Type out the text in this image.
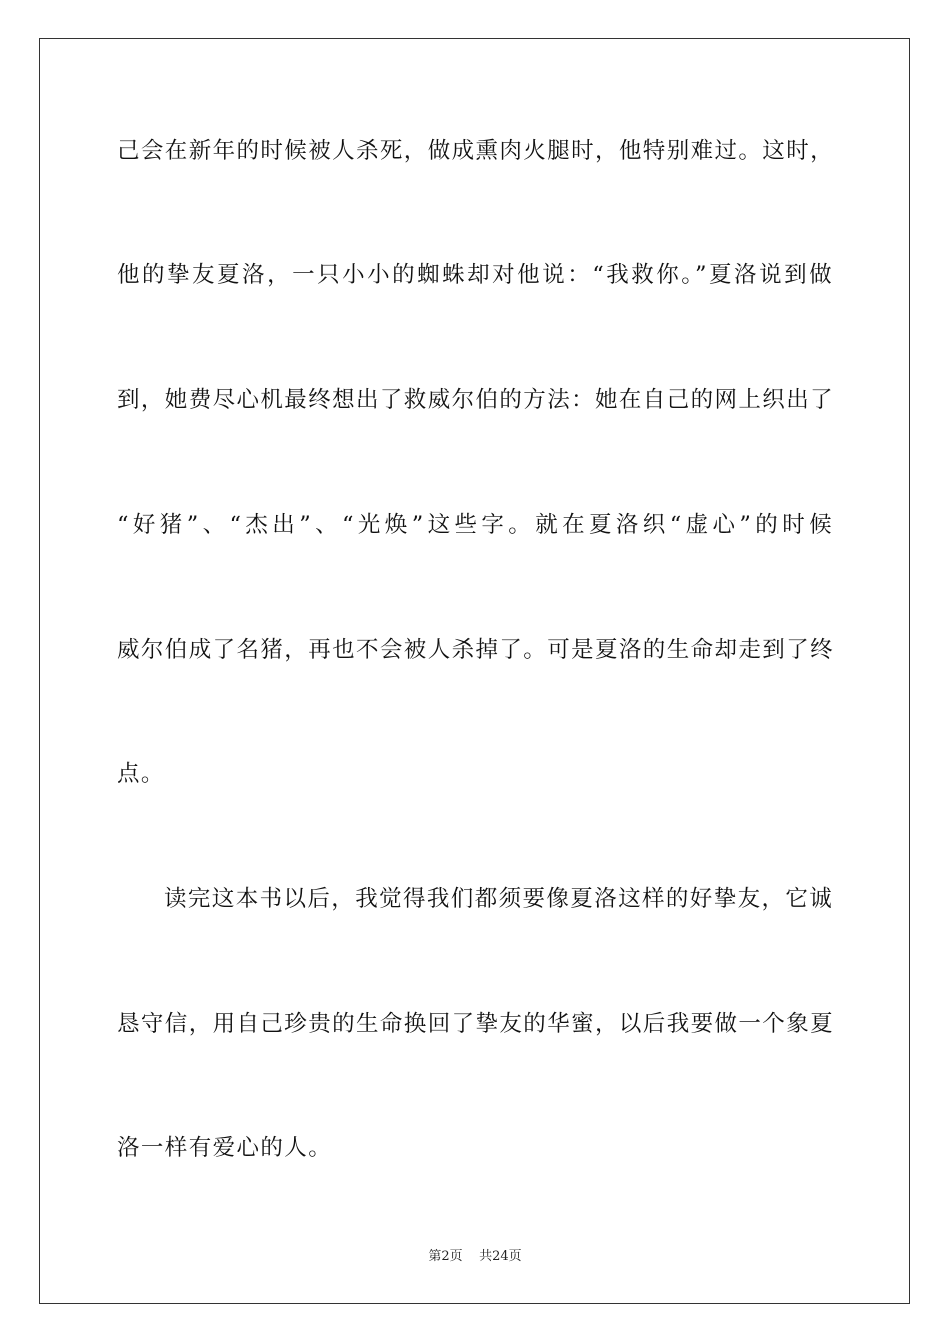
己会在新年的时候被人杀死，做成熏肉火腿时，他特别难过。这时，
他的挚友夏洛，一只小小的蜘蛛却对他说：“我救你。”夏洛说到做
到，她费尽心机最终想出了救威尔伯的方法：她在自己的网上织出了
“好猪”、“杰出”、“光焕”这些字。就在夏洛织“虚心”的时候
威尔伯成了名猪，再也不会被人杀掉了。可是夏洛的生命却走到了终
点。
读完这本书以后，我觉得我们都须要像夏洛这样的好挚友，它诚
恳守信，用自己珍贵的生命换回了挚友的华蜜，以后我要做一个象夏
洛一样有爱心的人。
第2页 共24页
